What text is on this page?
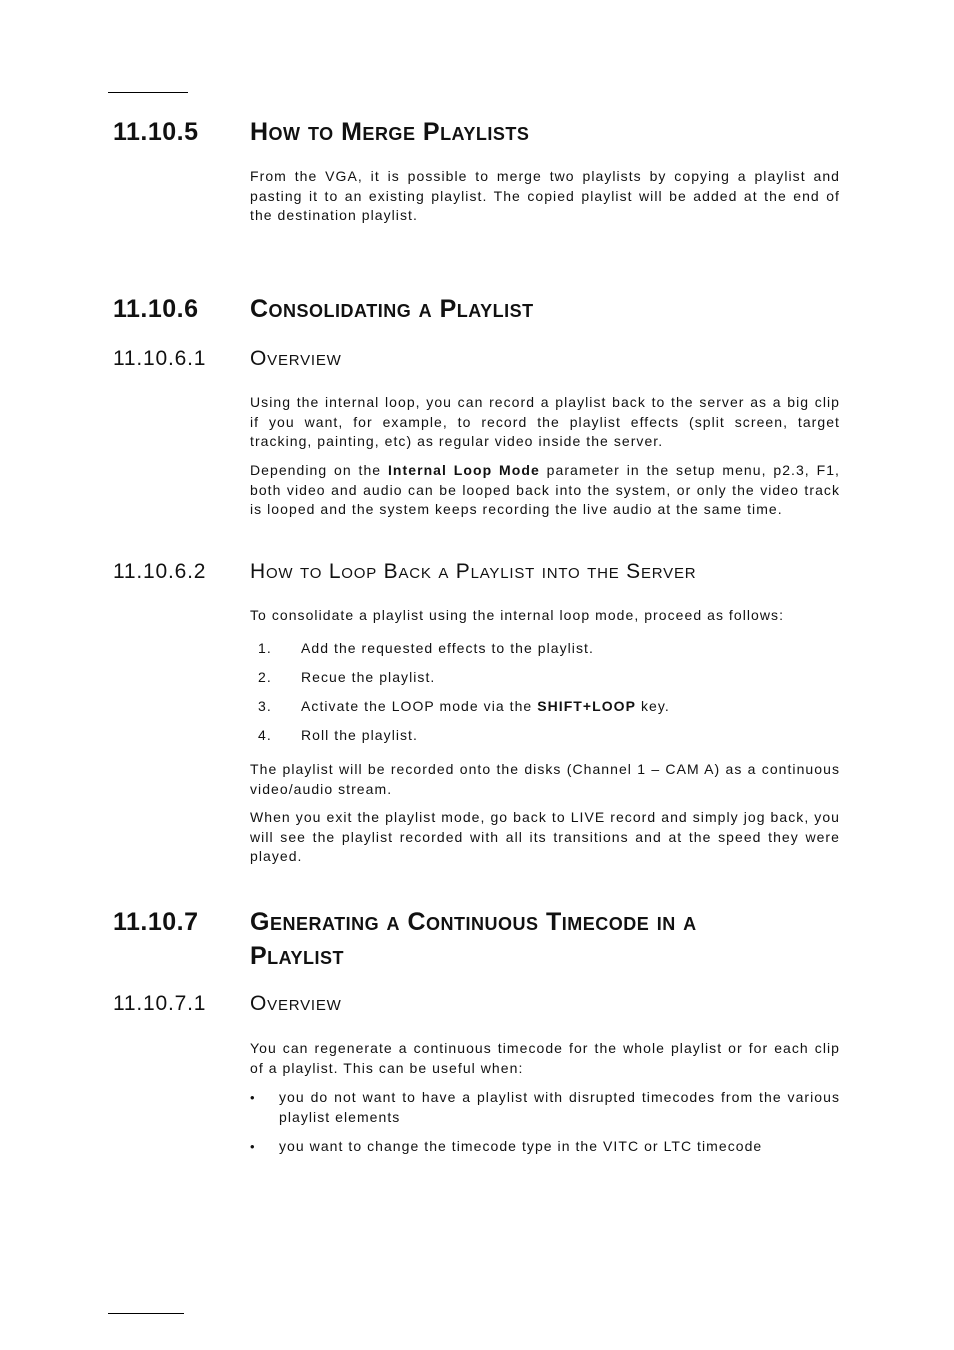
11.10.5 How to Merge Playlists

From the VGA, it is possible to merge two playlists by copying a playlist and pasting it to an existing playlist. The copied playlist will be added at the end of the destination playlist.

11.10.6 Consolidating a Playlist
11.10.6.1 Overview

Using the internal loop, you can record a playlist back to the server as a big clip if you want, for example, to record the playlist effects (split screen, target tracking, painting, etc) as regular video inside the server.

Depending on the Internal Loop Mode parameter in the setup menu, p2.3, F1, both video and audio can be looped back into the system, or only the video track is looped and the system keeps recording the live audio at the same time.

11.10.6.2 How to Loop Back a Playlist into the Server

To consolidate a playlist using the internal loop mode, proceed as follows:

1. Add the requested effects to the playlist.
2. Recue the playlist.
3. Activate the LOOP mode via the SHIFT+LOOP key.
4. Roll the playlist.

The playlist will be recorded onto the disks (Channel 1 – CAM A) as a continuous video/audio stream.

When you exit the playlist mode, go back to LIVE record and simply jog back, you will see the playlist recorded with all its transitions and at the speed they were played.

11.10.7 Generating a Continuous Timecode in a
Playlist
11.10.7.1 Overview

You can regenerate a continuous timecode for the whole playlist or for each clip of a playlist. This can be useful when:

• you do not want to have a playlist with disrupted timecodes from the various playlist elements
• you want to change the timecode type in the VITC or LTC timecode
